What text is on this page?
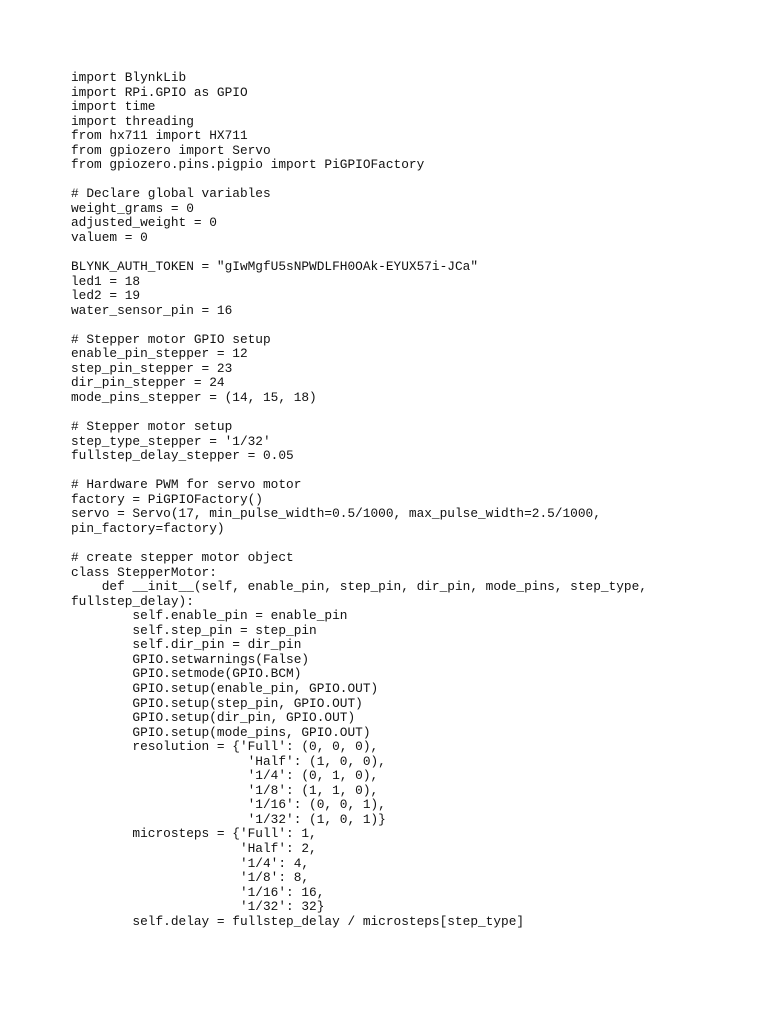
import BlynkLib
import RPi.GPIO as GPIO
import time
import threading
from hx711 import HX711
from gpiozero import Servo
from gpiozero.pins.pigpio import PiGPIOFactory
# Declare global variables
weight_grams = 0
adjusted_weight = 0
valuem = 0
BLYNK_AUTH_TOKEN = "gIwMgfU5sNPWDLFH0OAk-EYUX57i-JCa"
led1 = 18
led2 = 19
water_sensor_pin = 16
# Stepper motor GPIO setup
enable_pin_stepper = 12
step_pin_stepper = 23
dir_pin_stepper = 24
mode_pins_stepper = (14, 15, 18)
# Stepper motor setup
step_type_stepper = '1/32'
fullstep_delay_stepper = 0.05
# Hardware PWM for servo motor
factory = PiGPIOFactory()
servo = Servo(17, min_pulse_width=0.5/1000, max_pulse_width=2.5/1000,
pin_factory=factory)
# create stepper motor object
class StepperMotor:
def __init__(self, enable_pin, step_pin, dir_pin, mode_pins, step_type,
fullstep_delay):
self.enable_pin = enable_pin
self.step_pin = step_pin
self.dir_pin = dir_pin
GPIO.setwarnings(False)
GPIO.setmode(GPIO.BCM)
GPIO.setup(enable_pin, GPIO.OUT)
GPIO.setup(step_pin, GPIO.OUT)
GPIO.setup(dir_pin, GPIO.OUT)
GPIO.setup(mode_pins, GPIO.OUT)
resolution = {'Full': (0, 0, 0),
'Half': (1, 0, 0),
'1/4': (0, 1, 0),
'1/8': (1, 1, 0),
'1/16': (0, 0, 1),
'1/32': (1, 0, 1)}
microsteps = {'Full': 1,
'Half': 2,
'1/4': 4,
'1/8': 8,
'1/16': 16,
'1/32': 32}
self.delay = fullstep_delay / microsteps[step_type]
